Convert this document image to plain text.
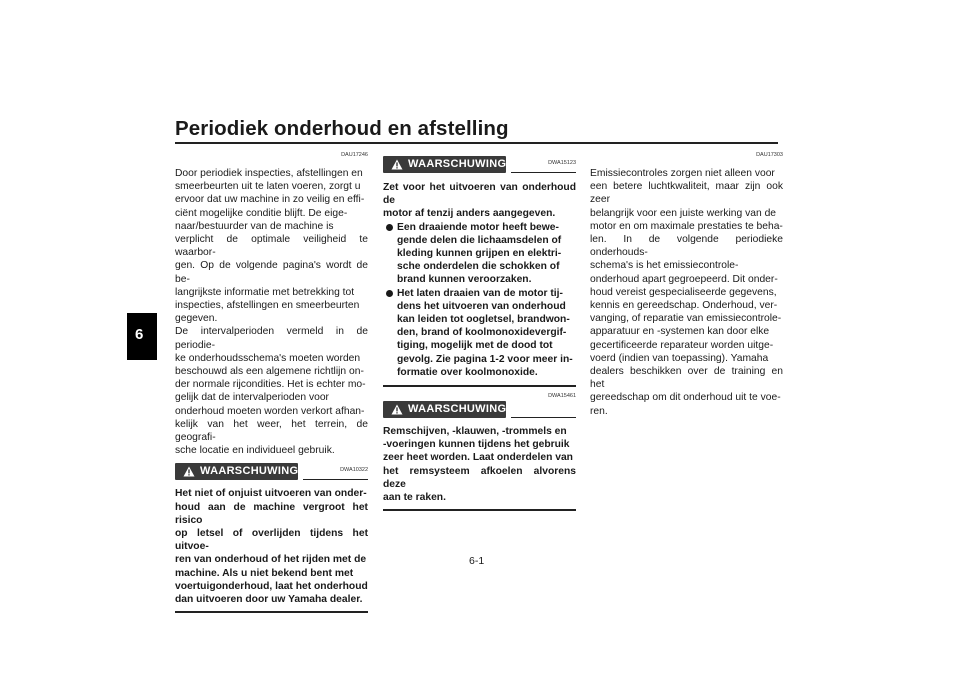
Periodiek onderhoud en afstelling
6
DAU17246
Door periodiek inspecties, afstellingen en
smeerbeurten uit te laten voeren, zorgt u
ervoor dat uw machine in zo veilig en effi-
ciënt mogelijke conditie blijft. De eige-
naar/bestuurder van de machine is
verplicht de optimale veiligheid te waarbor-
gen. Op de volgende pagina's wordt de be-
langrijkste informatie met betrekking tot
inspecties, afstellingen en smeerbeurten
gegeven.
De intervalperioden vermeld in de periodie-
ke onderhoudsschema's moeten worden
beschouwd als een algemene richtlijn on-
der normale rijcondities. Het is echter mo-
gelijk dat de intervalperioden voor
onderhoud moeten worden verkort afhan-
kelijk van het weer, het terrein, de geografi-
sche locatie en individueel gebruik.
WAARSCHUWING	DWA10322
Het niet of onjuist uitvoeren van onder-
houd aan de machine vergroot het risico
op letsel of overlijden tijdens het uitvoe-
ren van onderhoud of het rijden met de
machine. Als u niet bekend bent met
voertuigonderhoud, laat het onderhoud
dan uitvoeren door uw Yamaha dealer.
WAARSCHUWING	DWA15123
Zet voor het uitvoeren van onderhoud de
motor af tenzij anders aangegeven.
Een draaiende motor heeft bewe-
gende delen die lichaamsdelen of
kleding kunnen grijpen en elektri-
sche onderdelen die schokken of
brand kunnen veroorzaken.
Het laten draaien van de motor tij-
dens het uitvoeren van onderhoud
kan leiden tot oogletsel, brandwon-
den, brand of koolmonoxidevergif-
tiging, mogelijk met de dood tot
gevolg. Zie pagina 1-2 voor meer in-
formatie over koolmonoxide.
WAARSCHUWING
DWA15461
Remschijven, -klauwen, -trommels en
-voeringen kunnen tijdens het gebruik
zeer heet worden. Laat onderdelen van
het remsysteem afkoelen alvorens deze
aan te raken.
DAU17303
Emissiecontroles zorgen niet alleen voor
een betere luchtkwaliteit, maar zijn ook zeer
belangrijk voor een juiste werking van de
motor en om maximale prestaties te beha-
len. In de volgende periodieke onderhouds-
schema's is het emissiecontrole-
onderhoud apart gegroepeerd. Dit onder-
houd vereist gespecialiseerde gegevens,
kennis en gereedschap. Onderhoud, ver-
vanging, of reparatie van emissiecontrole-
apparatuur en -systemen kan door elke
gecertificeerde reparateur worden uitge-
voerd (indien van toepassing). Yamaha
dealers beschikken over de training en het
gereedschap om dit onderhoud uit te voe-
ren.
6-1
